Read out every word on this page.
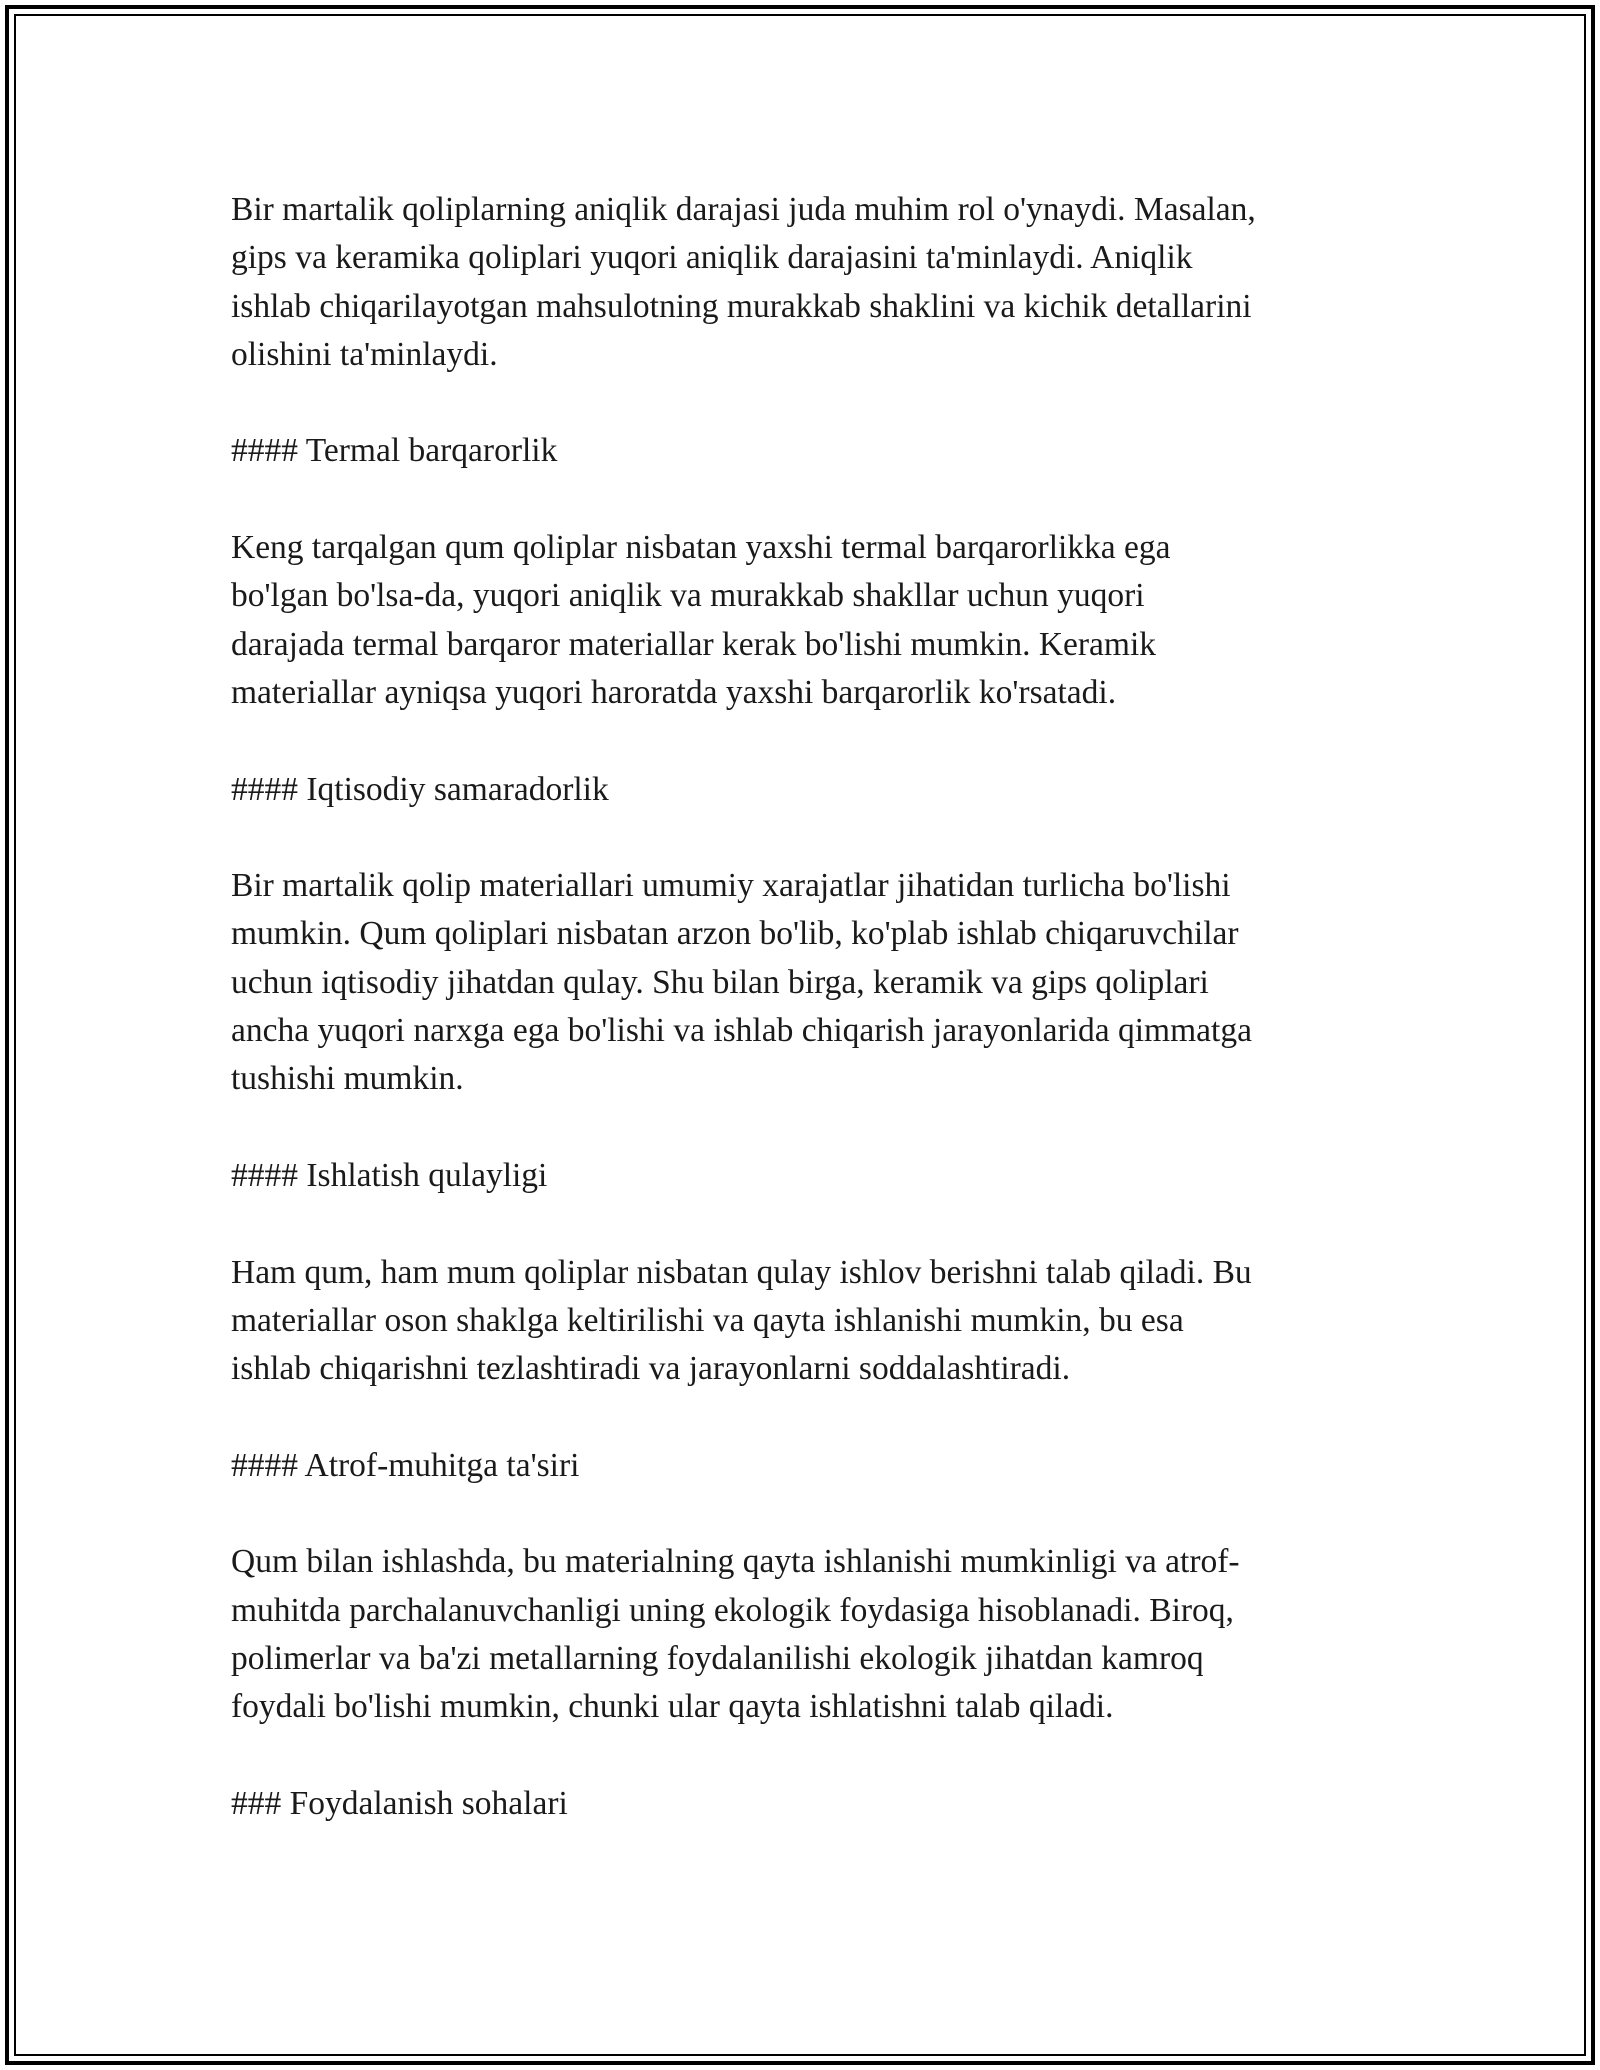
Bir martalik qoliplarning aniqlik darajasi juda muhim rol o'ynaydi. Masalan,
gips va keramika qoliplari yuqori aniqlik darajasini ta'minlaydi. Aniqlik
ishlab chiqarilayotgan mahsulotning murakkab shaklini va kichik detallarini
olishini ta'minlaydi.
#### Termal barqarorlik
Keng tarqalgan qum qoliplar nisbatan yaxshi termal barqarorlikka ega
bo'lgan bo'lsa-da, yuqori aniqlik va murakkab shakllar uchun yuqori
darajada termal barqaror materiallar kerak bo'lishi mumkin. Keramik
materiallar ayniqsa yuqori haroratda yaxshi barqarorlik ko'rsatadi.
#### Iqtisodiy samaradorlik
Bir martalik qolip materiallari umumiy xarajatlar jihatidan turlicha bo'lishi
mumkin. Qum qoliplari nisbatan arzon bo'lib, ko'plab ishlab chiqaruvchilar
uchun iqtisodiy jihatdan qulay. Shu bilan birga, keramik va gips qoliplari
ancha yuqori narxga ega bo'lishi va ishlab chiqarish jarayonlarida qimmatga
tushishi mumkin.
#### Ishlatish qulayligi
Ham qum, ham mum qoliplar nisbatan qulay ishlov berishni talab qiladi. Bu
materiallar oson shaklga keltirilishi va qayta ishlanishi mumkin, bu esa
ishlab chiqarishni tezlashtiradi va jarayonlarni soddalashtiradi.
#### Atrof-muhitga ta'siri
Qum bilan ishlashda, bu materialning qayta ishlanishi mumkinligi va atrof-
muhitda parchalanuvchanligi uning ekologik foydasiga hisoblanadi. Biroq,
polimerlar va ba'zi metallarning foydalanilishi ekologik jihatdan kamroq
foydali bo'lishi mumkin, chunki ular qayta ishlatishni talab qiladi.
### Foydalanish sohalari
